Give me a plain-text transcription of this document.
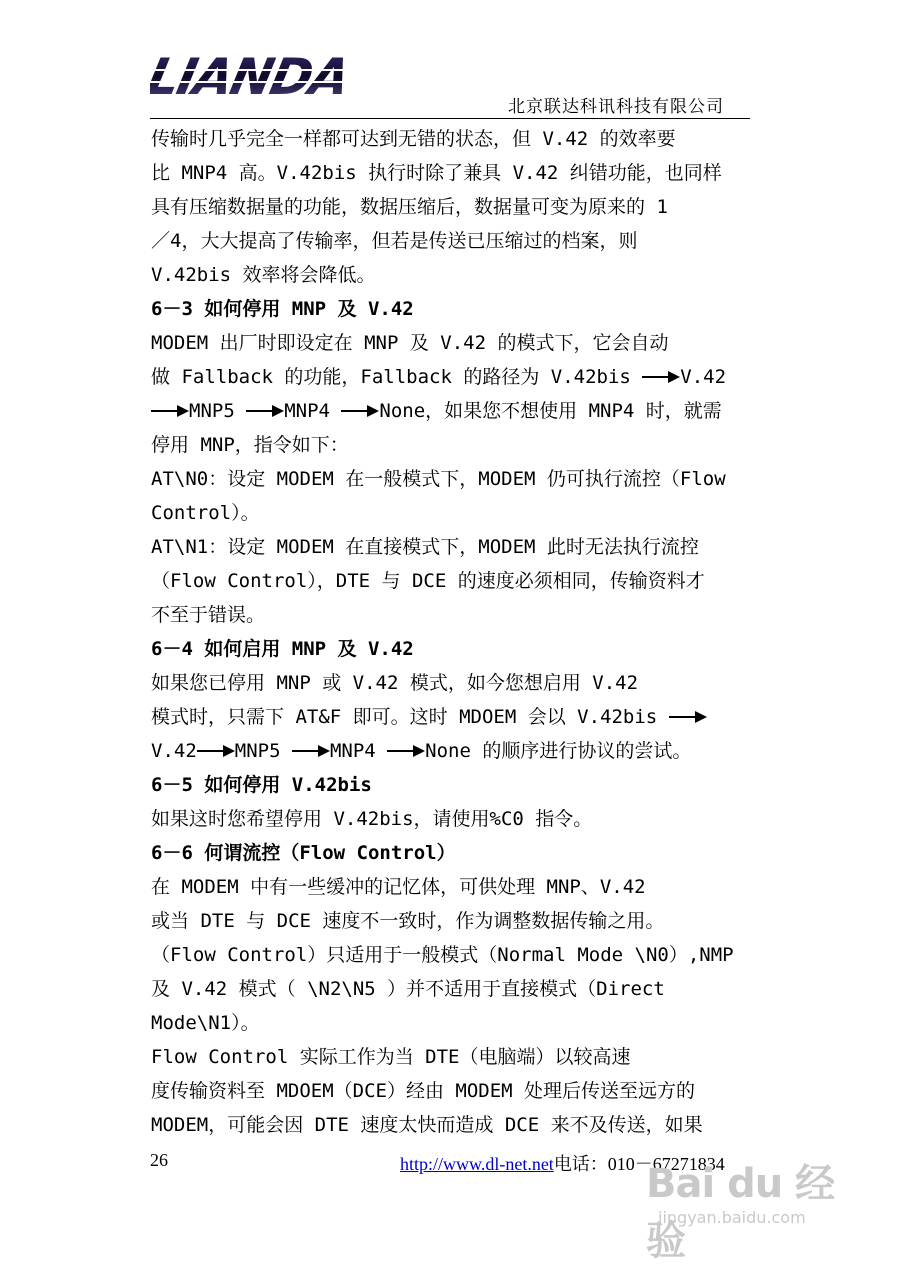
LIANDA
北京联达科讯科技有限公司
传输时几乎完全一样都可达到无错的状态，但 V.42 的效率要
比 MNP4 高。V.42bis 执行时除了兼具 V.42 纠错功能，也同样
具有压缩数据量的功能，数据压缩后，数据量可变为原来的 1
／4，大大提高了传输率，但若是传送已压缩过的档案，则
V.42bis 效率将会降低。
6－3 如何停用 MNP 及 V.42
MODEM 出厂时即设定在 MNP 及 V.42 的模式下，它会自动
做 Fallback 的功能，Fallback 的路径为 V.42bis V.42
MNP5 MNP4 None，如果您不想使用 MNP4 时，就需
停用 MNP，指令如下：
AT\N0：设定 MODEM 在一般模式下，MODEM 仍可执行流控（Flow
Control）。
AT\N1：设定 MODEM 在直接模式下，MODEM 此时无法执行流控
（Flow Control），DTE 与 DCE 的速度必须相同，传输资料才
不至于错误。
6－4 如何启用 MNP 及 V.42
如果您已停用 MNP 或 V.42 模式，如今您想启用 V.42
模式时，只需下 AT&F 即可。这时 MDOEM 会以 V.42bis
V.42 MNP5 MNP4 None 的顺序进行协议的尝试。
6－5 如何停用 V.42bis
如果这时您希望停用 V.42bis，请使用%C0 指令。
6－6 何谓流控（Flow Control）
在 MODEM 中有一些缓冲的记忆体，可供处理 MNP、V.42
或当 DTE 与 DCE 速度不一致时，作为调整数据传输之用。
（Flow Control）只适用于一般模式（Normal Mode \N0）,NMP
及 V.42 模式（ \N2\N5 ）并不适用于直接模式（Direct
Mode\N1）。
Flow Control 实际工作为当 DTE（电脑端）以较高速
度传输资料至 MDOEM（DCE）经由 MODEM 处理后传送至远方的
MODEM，可能会因 DTE 速度太快而造成 DCE 来不及传送，如果
26	http://www.dl-net.net电话：010－67271834
Bai du 经验
jingyan.baidu.com
